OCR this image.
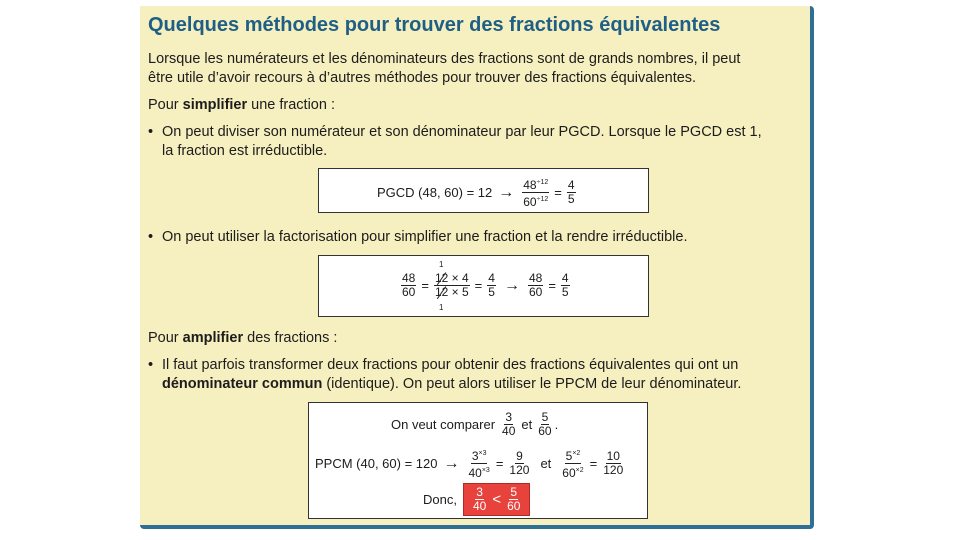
Quelques méthodes pour trouver des fractions équivalentes
Lorsque les numérateurs et les dénominateurs des fractions sont de grands nombres, il peut
être utile d’avoir recours à d’autres méthodes pour trouver des fractions équivalentes.
Pour simplifier une fraction :
• On peut diviser son numérateur et son dénominateur par leur PGCD. Lorsque le PGCD est 1,
la fraction est irréductible.
PGCD (48, $60) = 12 \to \frac{48^{\div 12}}{60^{\div 12}} = \frac{4}{5}$
• On peut utiliser la factorisation pour simplifier une fraction et la rendre irréductible.
1
1
$\frac{48}{60} = \frac{12 \times 4}{12 \times 5} = \frac{4}{5} \to \frac{48}{60} = \frac{4}{5}$
Pour amplifier des fractions :
• Il faut parfois transformer deux fractions pour obtenir des fractions équivalentes qui ont un
dénominateur commun (identique). On peut alors utiliser le PPCM de leur dénominateur.
On veut comparer $\frac{3}{40}$ et $\frac{5}{60}$ .
PPCM (40, $60) = 120 \to \frac{3^{\times 3}}{40^{\times 3}} = \frac{9}{120}$ et $\frac{5^{\times 2}}{60^{\times 2}} = \frac{10}{120}$
Donc, $\frac{3}{40} < \frac{5}{60}$
